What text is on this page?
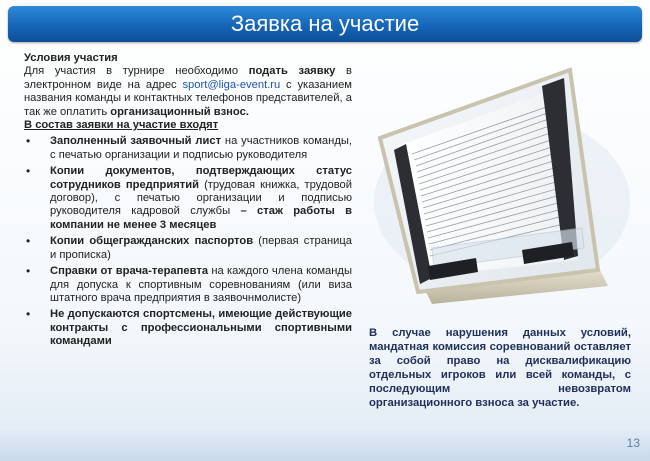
Заявка на участие

Условия участия

Для участия в турнире необходимо подать заявку в электронном виде на адрес sport@liga-event.ru с указанием названия команды и контактных телефонов представителей, а так же оплатить организационный взнос.

В состав заявки на участие входят

• Заполненный заявочный лист на участников команды, с печатью организации и подписью руководителя
• Копии документов, подтверждающих статус сотрудников предприятий (трудовая книжка, трудовой договор), с печатью организации и подписью руководителя кадровой службы – стаж работы в компании не менее 3 месяцев
• Копии общегражданских паспортов (первая страница и прописка)
• Справки от врача-терапевта на каждого члена команды для допуска к спортивным соревнованиям (или виза штатного врача предприятия в заявочнмолисте)
• Не допускаются спортсмены, имеющие действующие контракты с профессиональными спортивными командами
В случае нарушения данных условий, мандатная комиссия соревнований оставляет за собой право на дисквалификацию отдельных игроков или всей команды, с последующим невозвратом организационного взноса за участие.
13
